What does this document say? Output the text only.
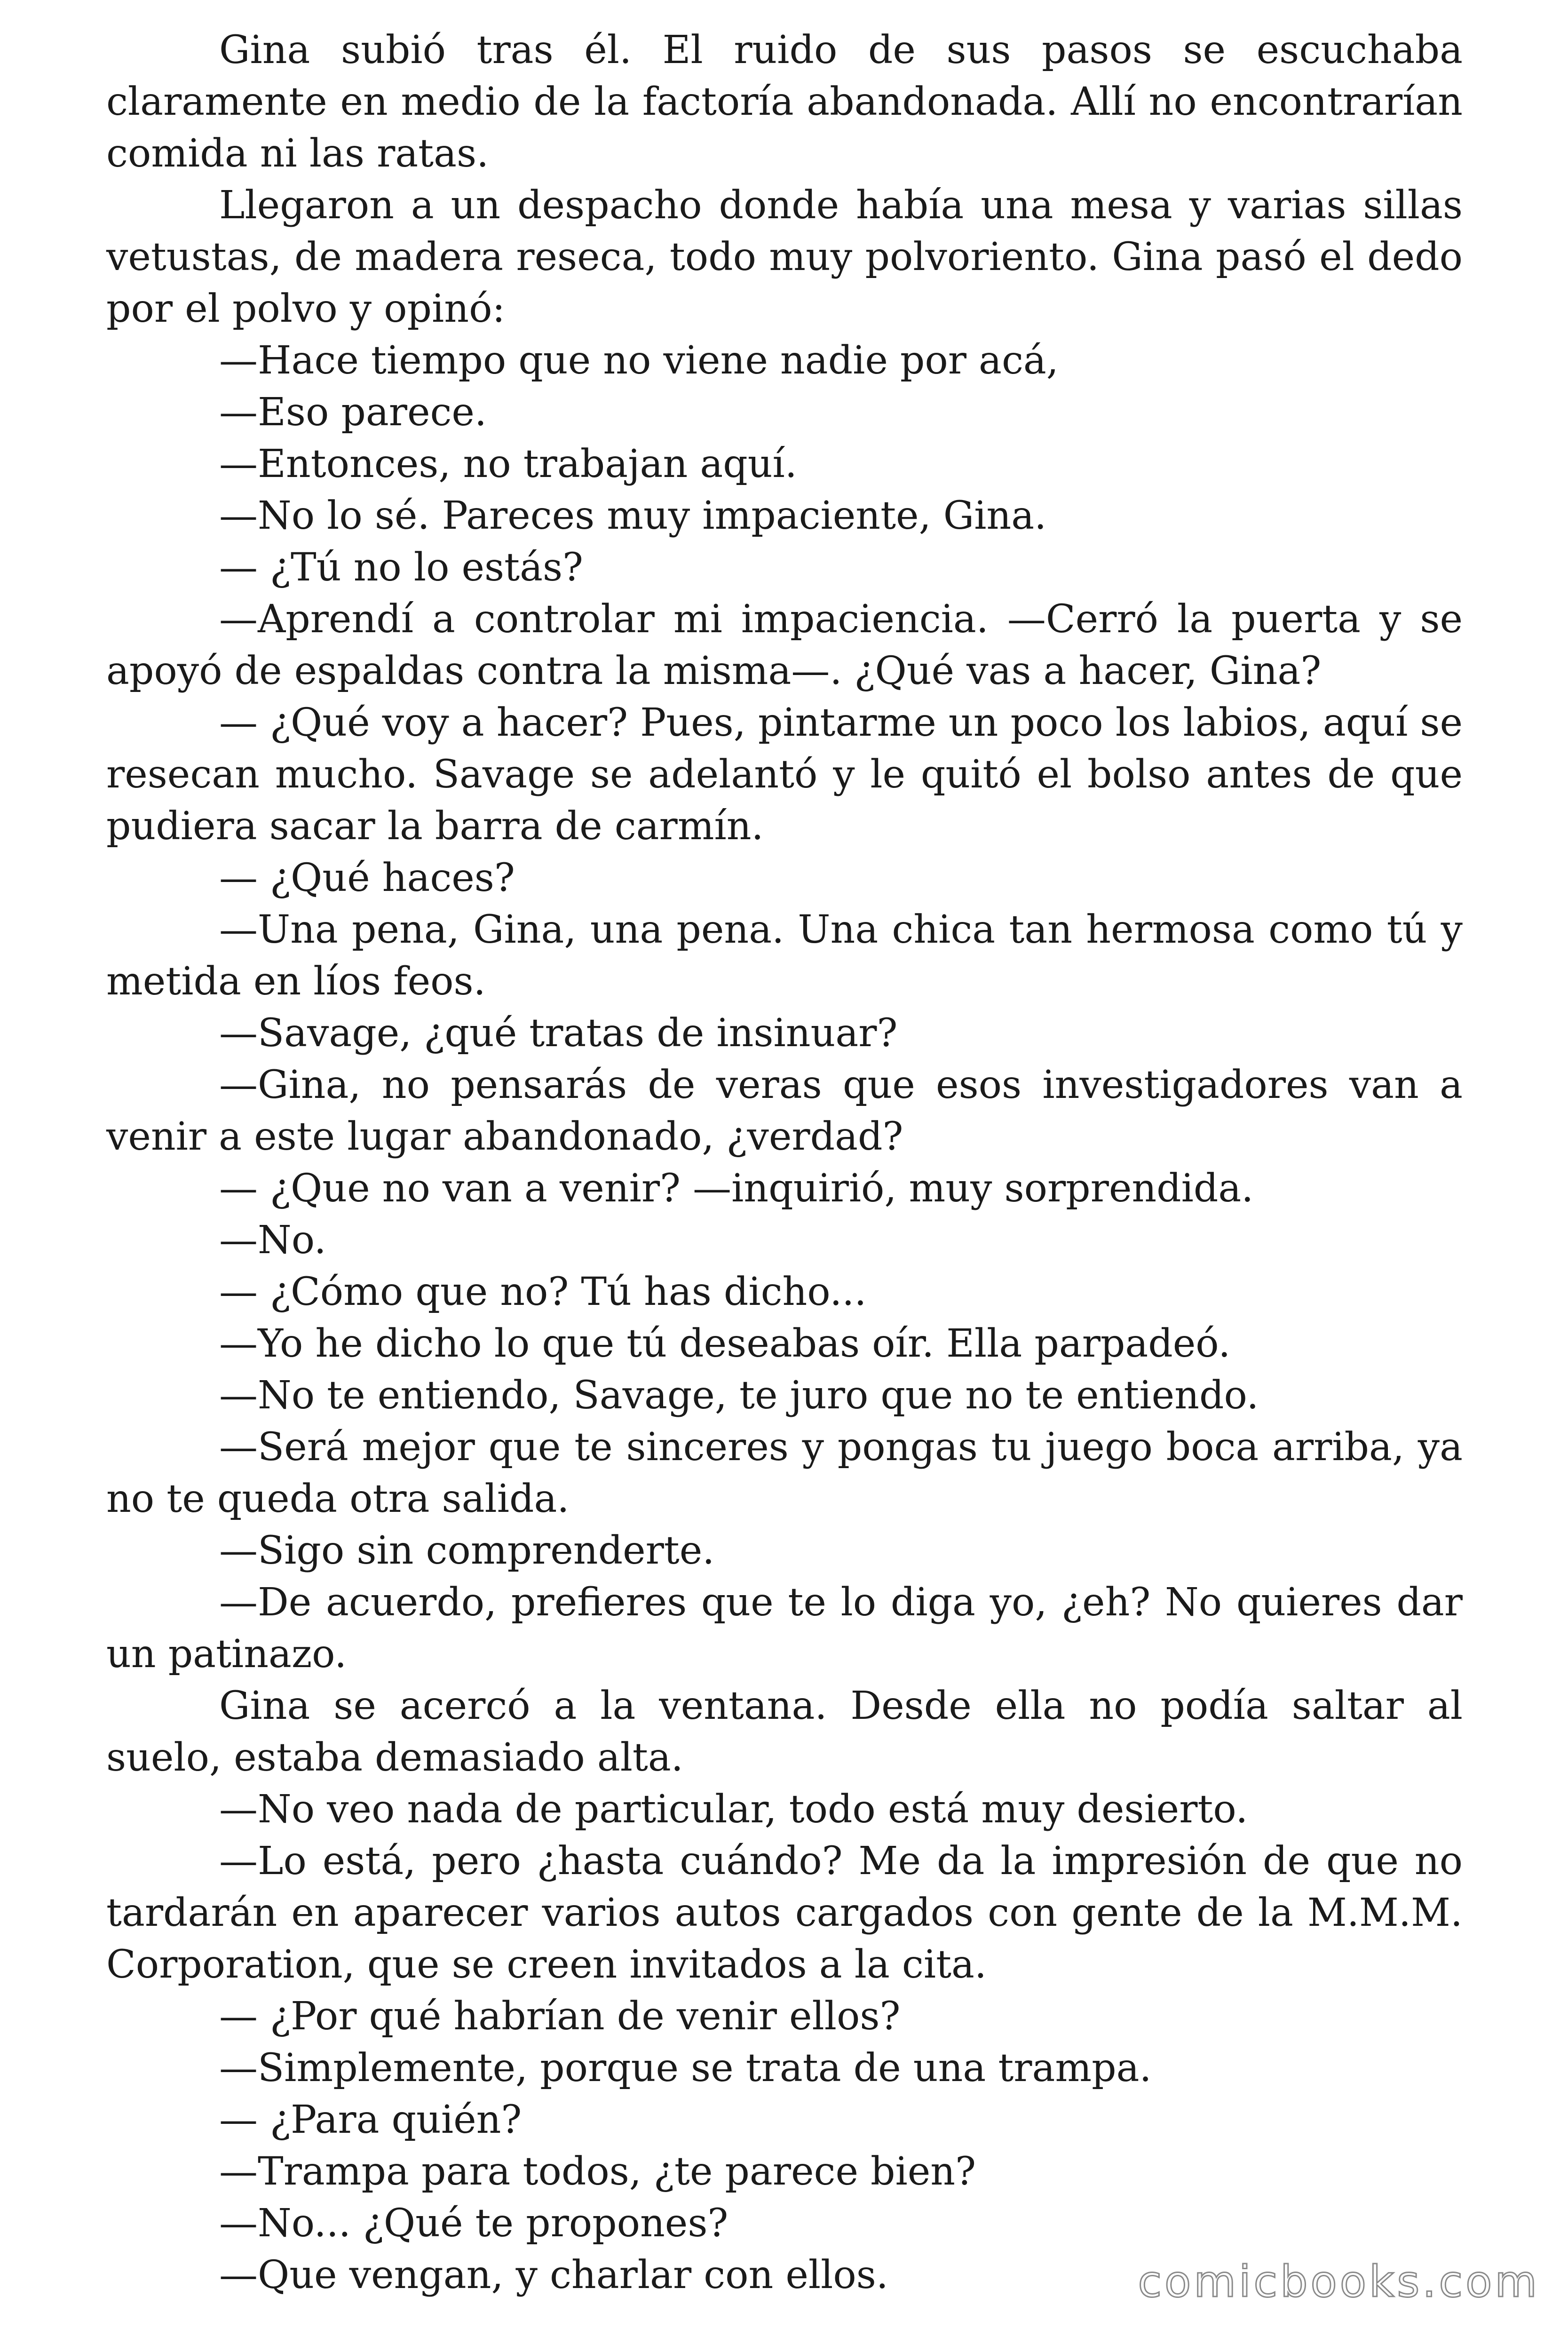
Gina subió tras él. El ruido de sus pasos se escuchaba claramente en medio de la factoría abandonada. Allí no encontrarían comida ni las ratas.

Llegaron a un despacho donde había una mesa y varias sillas vetustas, de madera reseca, todo muy polvoriento. Gina pasó el dedo por el polvo y opinó:

—Hace tiempo que no viene nadie por acá,

—Eso parece.

—Entonces, no trabajan aquí.

—No lo sé. Pareces muy impaciente, Gina.

— ¿Tú no lo estás?

—Aprendí a controlar mi impaciencia. —Cerró la puerta y se apoyó de espaldas contra la misma—. ¿Qué vas a hacer, Gina?

— ¿Qué voy a hacer? Pues, pintarme un poco los labios, aquí se resecan mucho. Savage se adelantó y le quitó el bolso antes de que pudiera sacar la barra de carmín.

— ¿Qué haces?

—Una pena, Gina, una pena. Una chica tan hermosa como tú y metida en líos feos.

—Savage, ¿qué tratas de insinuar?

—Gina, no pensarás de veras que esos investigadores van a venir a este lugar abandonado, ¿verdad?

— ¿Que no van a venir? —inquirió, muy sorprendida.

—No.

— ¿Cómo que no? Tú has dicho...

—Yo he dicho lo que tú deseabas oír. Ella parpadeó.

—No te entiendo, Savage, te juro que no te entiendo.

—Será mejor que te sinceres y pongas tu juego boca arriba, ya no te queda otra salida.

—Sigo sin comprenderte.

—De acuerdo, prefieres que te lo diga yo, ¿eh? No quieres dar un patinazo.

Gina se acercó a la ventana. Desde ella no podía saltar al suelo, estaba demasiado alta.

—No veo nada de particular, todo está muy desierto.

—Lo está, pero ¿hasta cuándo? Me da la impresión de que no tardarán en aparecer varios autos cargados con gente de la M.M.M. Corporation, que se creen invitados a la cita.

— ¿Por qué habrían de venir ellos?

—Simplemente, porque se trata de una trampa.

— ¿Para quién?

—Trampa para todos, ¿te parece bien?

—No... ¿Qué te propones?

—Que vengan, y charlar con ellos.	comicbooks.com
